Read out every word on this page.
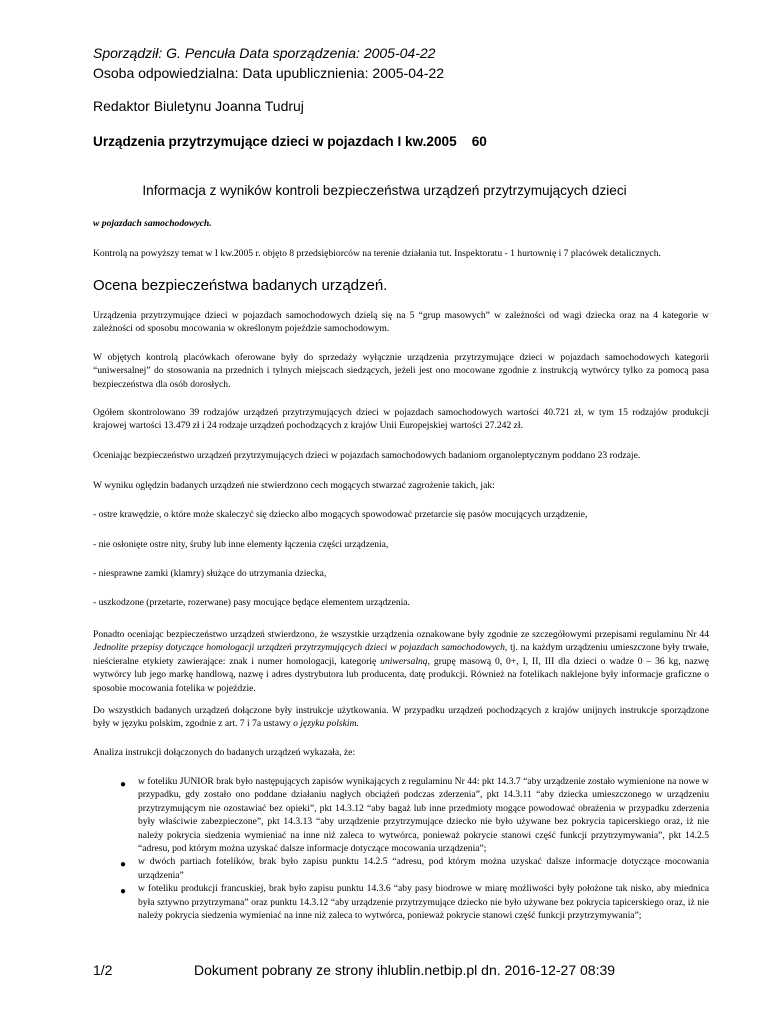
Sporządził: G. Pencuła Data sporządzenia: 2005-04-22
Osoba odpowiedzialna: Data upublicznienia: 2005-04-22
Redaktor Biuletynu Joanna Tudruj
Urządzenia przytrzymujące dzieci w pojazdach I kw.2005    60
Informacja z wyników kontroli bezpieczeństwa urządzeń przytrzymujących dzieci
w pojazdach samochodowych.

Kontrolą na powyższy temat w I kw.2005 r. objęto 8 przedsiębiorców na terenie działania tut. Inspektoratu - 1 hurtownię i 7 placówek detalicznych.

Ocena bezpieczeństwa badanych urządzeń.

Urządzenia przytrzymujące dzieci w pojazdach samochodowych dzielą się na 5 “grup masowych” w zależności od wagi dziecka oraz na 4 kategorie w zależności od sposobu mocowania w określonym pojeździe samochodowym.

W objętych kontrolą placówkach oferowane były do sprzedaży wyłącznie urządzenia przytrzymujące dzieci w pojazdach samochodowych kategorii “uniwersalnej” do stosowania na przednich i tylnych miejscach siedzących, jeżeli jest ono mocowane zgodnie z instrukcją wytwórcy tylko za pomocą pasa bezpieczeństwa dla osób dorosłych.

Ogółem skontrolowano 39 rodzajów urządzeń przytrzymujących dzieci w pojazdach samochodowych wartości 40.721 zł, w tym 15 rodzajów produkcji krajowej wartości 13.479 zł i 24 rodzaje urządzeń pochodzących z krajów Unii Europejskiej wartości 27.242 zł.

Oceniając bezpieczeństwo urządzeń przytrzymujących dzieci w pojazdach samochodowych badaniom organoleptycznym poddano 23 rodzaje.

W wyniku oględzin badanych urządzeń nie stwierdzono cech mogących stwarzać zagrożenie takich, jak:

- ostre krawędzie, o które może skaleczyć się dziecko albo mogących spowodować przetarcie się pasów mocujących urządzenie,

- nie osłonięte ostre nity, śruby lub inne elementy łączenia części urządzenia,

- niesprawne zamki (klamry) służące do utrzymania dziecka,

- uszkodzone (przetarte, rozerwane) pasy mocujące będące elementem urządzenia.

Ponadto oceniając bezpieczeństwo urządzeń stwierdzono, że wszystkie urządzenia oznakowane były zgodnie ze szczegółowymi przepisami regulaminu Nr 44 Jednolite przepisy dotyczące homologacji urządzeń przytrzymujących dzieci w pojazdach samochodowych, tj. na każdym urządzeniu umieszczone były trwałe, nieścieralne etykiety zawierające: znak i numer homologacji, kategorię uniwersalną, grupę masową 0, 0+, I, II, III dla dzieci o wadze 0 – 36 kg, nazwę wytwórcy lub jego markę handlową, nazwę i adres dystrybutora lub producenta, datę produkcji. Również na fotelikach naklejone były informacje graficzne o sposobie mocowania fotelika w pojeździe.

Do wszystkich badanych urządzeń dołączone były instrukcje użytkowania. W przypadku urządzeń pochodzących z krajów unijnych instrukcje sporządzone były w języku polskim, zgodnie z art. 7 i 7a ustawy o języku polskim.

Analiza instrukcji dołączonych do badanych urządzeń wykazała, że:

● w foteliku JUNIOR brak było następujących zapisów wynikających z regulaminu Nr 44: pkt 14.3.7 “aby urządzenie zostało wymienione na nowe w przypadku, gdy zostało ono poddane działaniu nagłych obciążeń podczas zderzenia”, pkt 14.3.11 “aby dziecka umieszczonego w urządzeniu przytrzymującym nie ozostawiać bez opieki”, pkt 14.3.12 “aby bagaż lub inne przedmioty mogące powodować obrażenia w przypadku zderzenia były właściwie zabezpieczone”, pkt 14.3.13 “aby urządzenie przytrzymujące dziecko nie było używane bez pokrycia tapicerskiego oraz, iż nie należy pokrycia siedzenia wymieniać na inne niż zaleca to wytwórca, ponieważ pokrycie stanowi część funkcji przytrzymywania”, pkt 14.2.5 “adresu, pod którym można uzyskać dalsze informacje dotyczące mocowania urządzenia”;
● w dwóch partiach fotelików, brak było zapisu punktu 14.2.5 “adresu, pod którym można uzyskać dalsze informacje dotyczące mocowania urządzenia”
● w foteliku produkcji francuskiej, brak było zapisu punktu 14.3.6 “aby pasy biodrowe w miarę możliwości były położone tak nisko, aby miednica była sztywno przytrzymana” oraz punktu 14.3.12 “aby urządzenie przytrzymujące dziecko nie było używane bez pokrycia tapicerskiego oraz, iż nie należy pokrycia siedzenia wymieniać na inne niż zaleca to wytwórca, ponieważ pokrycie stanowi część funkcji przytrzymywania”;
1/2	Dokument pobrany ze strony ihlublin.netbip.pl dn. 2016-12-27 08:39
